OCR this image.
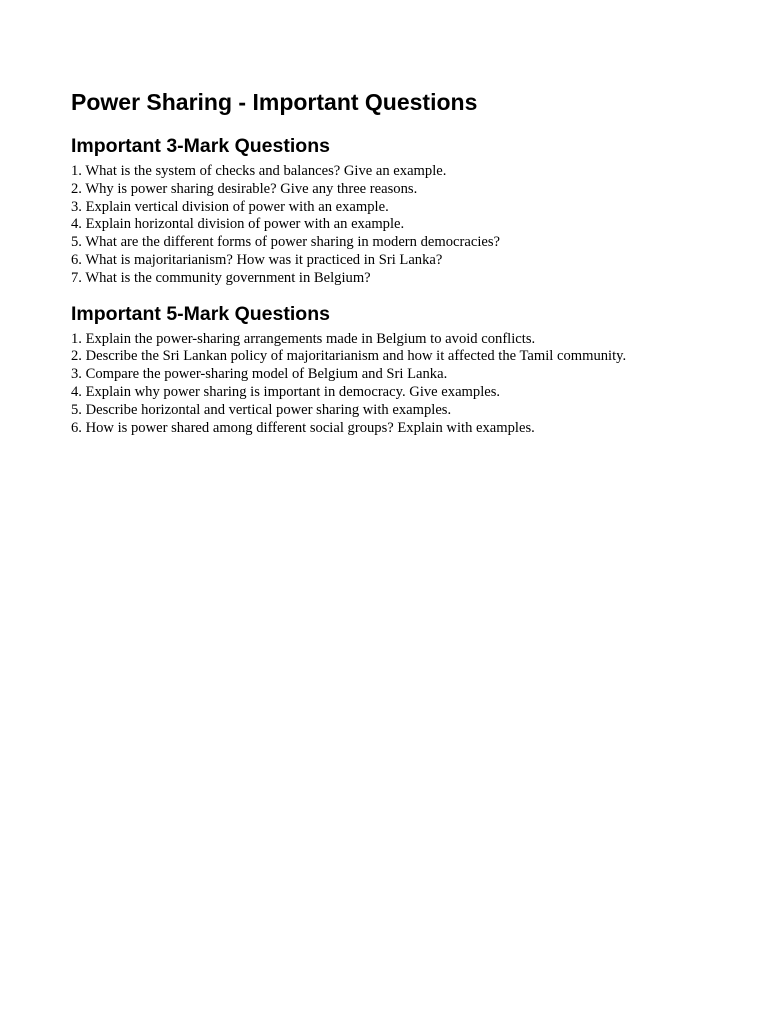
Power Sharing - Important Questions
Important 3-Mark Questions
1. What is the system of checks and balances? Give an example.
2. Why is power sharing desirable? Give any three reasons.
3. Explain vertical division of power with an example.
4. Explain horizontal division of power with an example.
5. What are the different forms of power sharing in modern democracies?
6. What is majoritarianism? How was it practiced in Sri Lanka?
7. What is the community government in Belgium?
Important 5-Mark Questions
1. Explain the power-sharing arrangements made in Belgium to avoid conflicts.
2. Describe the Sri Lankan policy of majoritarianism and how it affected the Tamil community.
3. Compare the power-sharing model of Belgium and Sri Lanka.
4. Explain why power sharing is important in democracy. Give examples.
5. Describe horizontal and vertical power sharing with examples.
6. How is power shared among different social groups? Explain with examples.
